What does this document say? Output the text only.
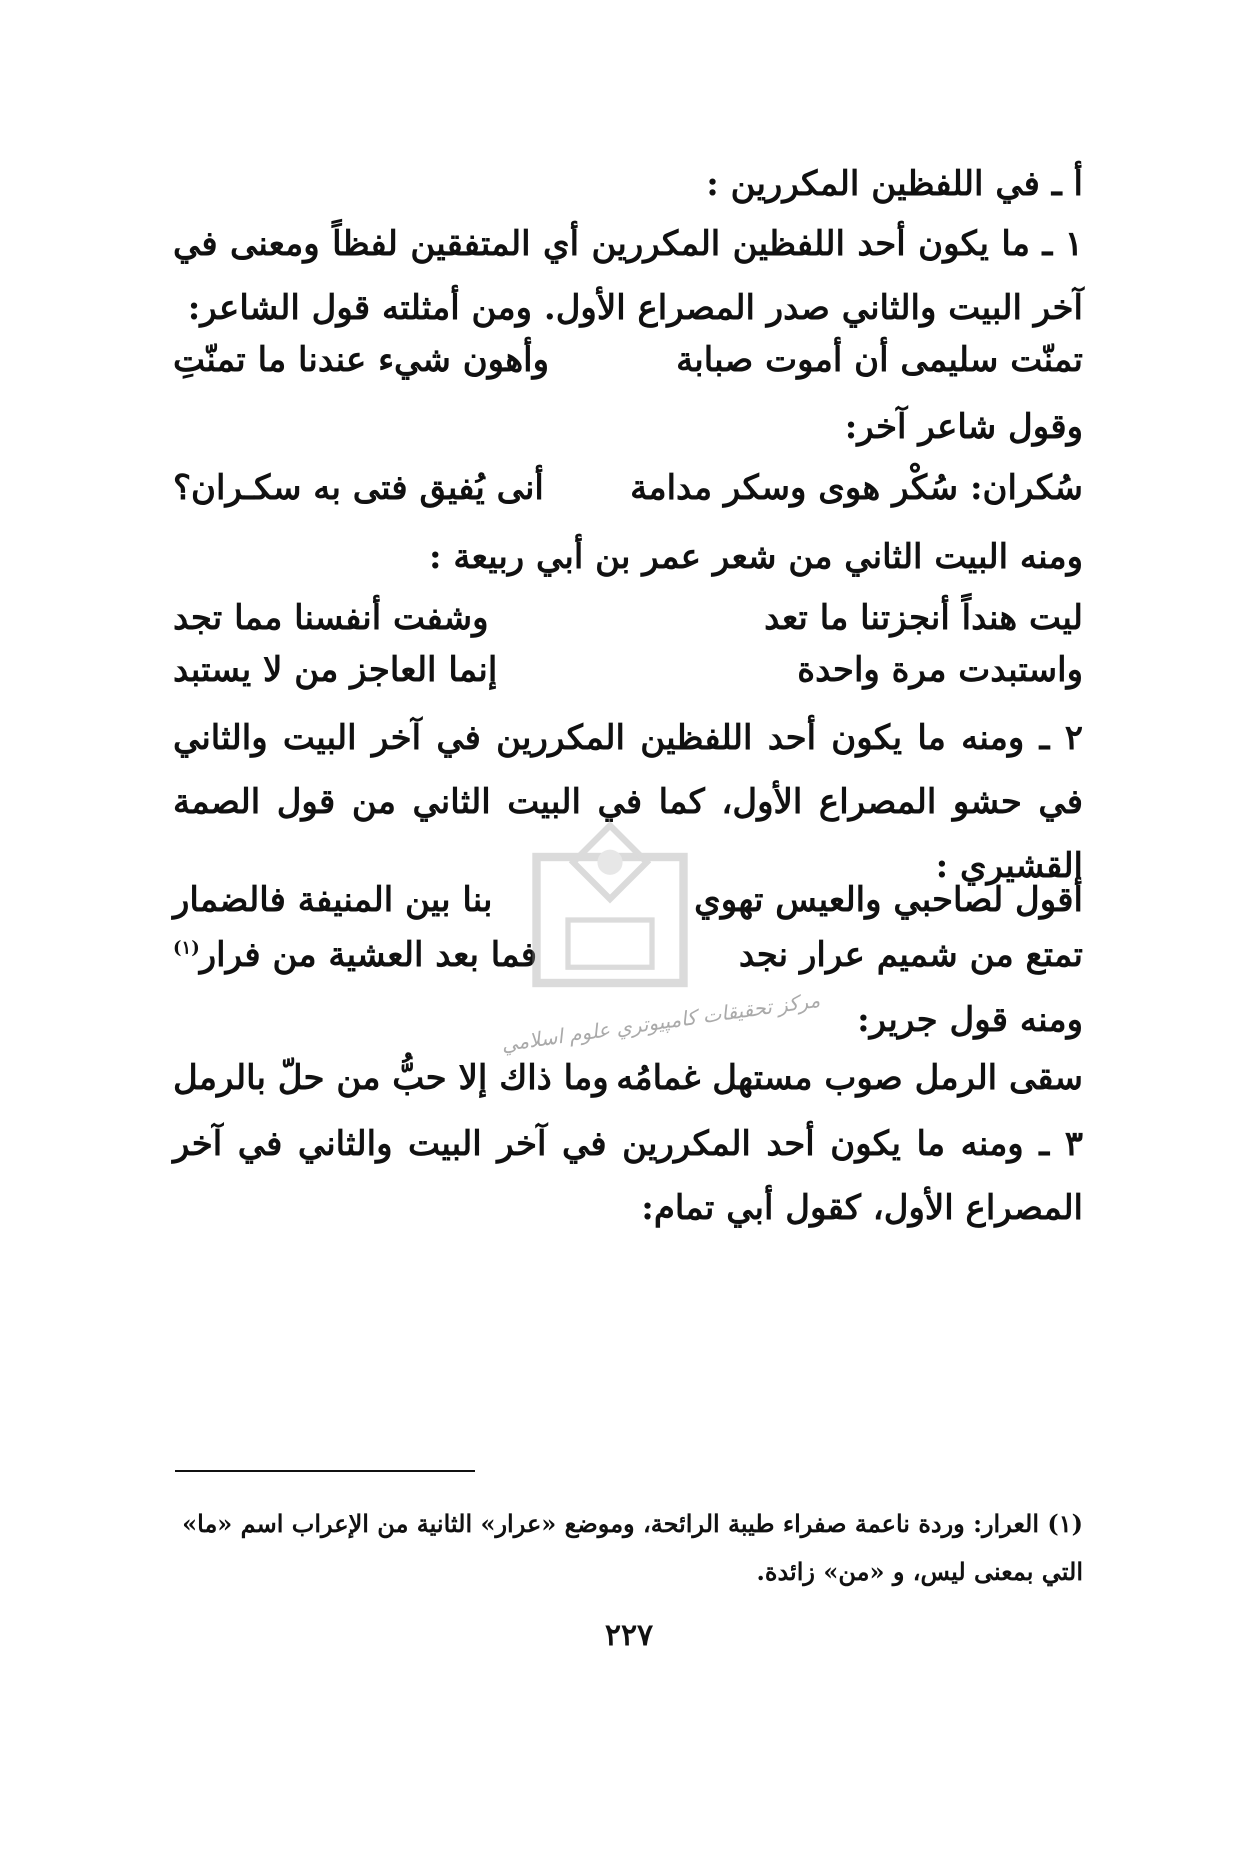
أ ـ في اللفظين المكررين :
١ ـ ما يكون أحد اللفظين المكررين أي المتفقين لفظاً ومعنى في آخر البيت والثاني صدر المصراع الأول. ومن أمثلته قول الشاعر:
تمنّت سليمى أن أموت صبابة
وأهون شيء عندنا ما تمنّتِ
وقول شاعر آخر:
سُكران: سُكْر هوى وسكر مدامة
أنى يُفيق فتى به سكـران؟
ومنه البيت الثاني من شعر عمر بن أبي ربيعة :
ليت هنداً أنجزتنا ما تعد
وشفت أنفسنا مما تجد
واستبدت مرة واحدة
إنما العاجز من لا يستبد
٢ ـ ومنه ما يكون أحد اللفظين المكررين في آخر البيت والثاني في حشو المصراع الأول، كما في البيت الثاني من قول الصمة القشيري :
أقول لصاحبي والعيس تهوي
بنا بين المنيفة فالضمار
تمتع من شميم عرار نجد
فما بعد العشية من فرار$^{(١)}$
ومنه قول جرير:
سقى الرمل صوب مستهل غمامُه
وما ذاك إلا حبُّ من حلّ بالرمل
٣ ـ ومنه ما يكون أحد المكررين في آخر البيت والثاني في آخر المصراع الأول، كقول أبي تمام:
(١) العرار: وردة ناعمة صفراء طيبة الرائحة، وموضع «عرار» الثانية من الإعراب اسم «ما» التي بمعنى ليس، و «من» زائدة.
٢٢٧
مركز تحقيقات كامپيوتري علوم اسلامي
